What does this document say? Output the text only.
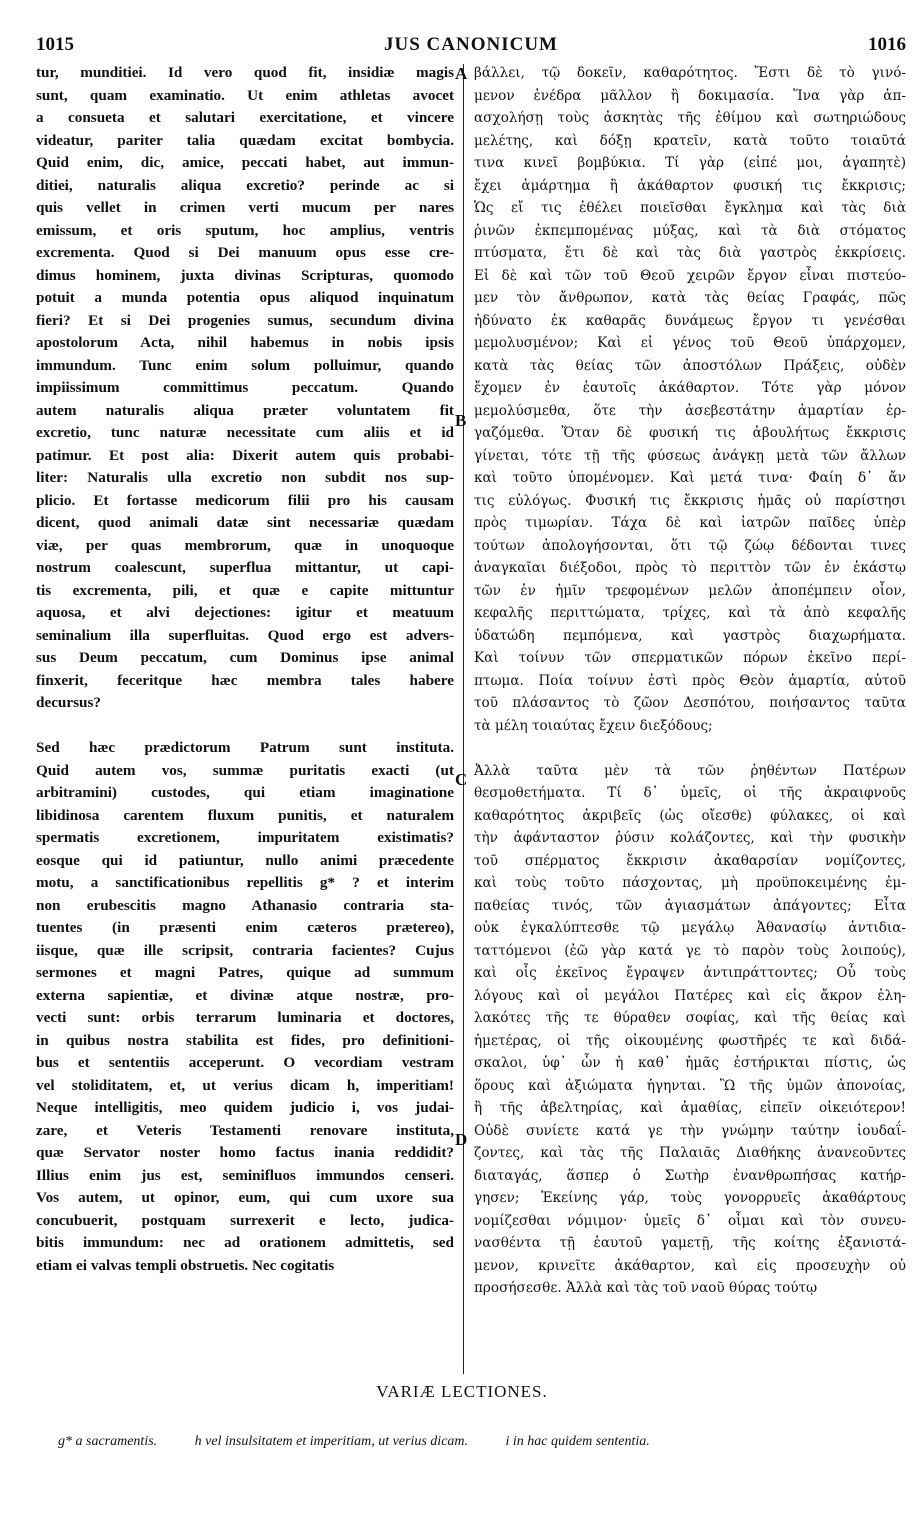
1015	JUS CANONICUM	1016
tur, munditiei. Id vero quod fit, insidiæ magis
sunt, quam examinatio. Ut enim athletas avocet
a consueta et salutari exercitatione, et vincere
videatur, pariter talia quædam excitat bombycia.
Quid enim, dic, amice, peccati habet, aut immun-
ditiei, naturalis aliqua excretio? perinde ac si
quis vellet in crimen verti mucum per nares
emissum, et oris sputum, hoc amplius, ventris
excrementa. Quod si Dei manuum opus esse cre-
dimus hominem, juxta divinas Scripturas, quomodo
potuit a munda potentia opus aliquod inquinatum
fieri? Et si Dei progenies sumus, secundum divina
apostolorum Acta, nihil habemus in nobis ipsis
immundum. Tunc enim solum polluimur, quando
impiissimum committimus peccatum. Quando
autem naturalis aliqua præter voluntatem fit
excretio, tunc naturæ necessitate cum aliis et id
patimur. Et post alia: Dixerit autem quis probabi-
liter: Naturalis ulla excretio non subdit nos sup-
plicio. Et fortasse medicorum filii pro his causam
dicent, quod animali datæ sint necessariæ quædam
viæ, per quas membrorum, quæ in unoquoque
nostrum coalescunt, superflua mittantur, ut capi-
tis excrementa, pili, et quæ e capite mittuntur
aquosa, et alvi dejectiones: igitur et meatuum
seminalium illa superfluitas. Quod ergo est advers-
sus Deum peccatum, cum Dominus ipse animal
finxerit, feceritque hæc membra tales habere
decursus?
Sed hæc prædictorum Patrum sunt instituta.
Quid autem vos, summæ puritatis exacti (ut
arbitramini) custodes, qui etiam imaginatione
libidinosa carentem fluxum punitis, et naturalem
spermatis excretionem, impuritatem existimatis?
eosque qui id patiuntur, nullo animi præcedente
motu, a sanctificationibus repellitis g* ? et interim
non erubescitis magno Athanasio contraria sta-
tuentes (in præsenti enim cæteros prætereo),
iisque, quæ ille scripsit, contraria facientes? Cujus
sermones et magni Patres, quique ad summum
externa sapientiæ, et divinæ atque nostræ, pro-
vecti sunt: orbis terrarum luminaria et doctores,
in quibus nostra stabilita est fides, pro definitioni-
bus et sententiis acceperunt. O vecordiam vestram
vel stoliditatem, et, ut verius dicam h, imperitiam!
Neque intelligitis, meo quidem judicio i, vos judai-
zare, et Veteris Testamenti renovare instituta,
quæ Servator noster homo factus inania reddidit?
Illius enim jus est, seminifluos immundos censeri.
Vos autem, ut opinor, eum, qui cum uxore sua
concubuerit, postquam surrexerit e lecto, judica-
bitis immundum: nec ad orationem admittetis, sed
etiam ei valvas templi obstruetis. Nec cogitatis
βάλλει, τῷ δοκεῖν, καθαρότητος. Ἔστι δὲ τὸ γινό-
μενον ἐνέδρα μᾶλλον ἢ δοκιμασία. Ἵνα γὰρ ἀπ-
ασχολήσῃ τοὺς ἀσκητὰς τῆς ἐθίμου καὶ σωτηριώδους
μελέτης, καὶ δόξῃ κρατεῖν, κατὰ τοῦτο τοιαῦτά
τινα κινεῖ βομβύκια. Τί γὰρ (εἰπέ μοι, ἀγαπητὲ)
ἔχει ἁμάρτημα ἢ ἀκάθαρτον φυσική τις ἔκκρισις;
Ὡς εἴ τις ἐθέλει ποιεῖσθαι ἔγκλημα καὶ τὰς διὰ
ῥινῶν ἐκπεμπομένας μύξας, καὶ τὰ διὰ στόματος
πτύσματα, ἔτι δὲ καὶ τὰς διὰ γαστρὸς ἐκκρίσεις.
Εἰ δὲ καὶ τῶν τοῦ Θεοῦ χειρῶν ἔργον εἶναι πιστεύο-
μεν τὸν ἄνθρωπον, κατὰ τὰς θείας Γραφάς, πῶς
ἠδύνατο ἐκ καθαρᾶς δυνάμεως ἔργον τι γενέσθαι
μεμολυσμένον; Καὶ εἰ γένος τοῦ Θεοῦ ὑπάρχομεν,
κατὰ τὰς θείας τῶν ἀποστόλων Πράξεις, οὐδὲν
ἔχομεν ἐν ἑαυτοῖς ἀκάθαρτον. Τότε γὰρ μόνον
μεμολύσμεθα, ὅτε τὴν ἀσεβεστάτην ἁμαρτίαν ἐρ-
γαζόμεθα. Ὅταν δὲ φυσική τις ἀβουλήτως ἔκκρισις
γίνεται, τότε τῇ τῆς φύσεως ἀνάγκῃ μετὰ τῶν ἄλλων
καὶ τοῦτο ὑπομένομεν. Καὶ μετά τινα· Φαίη δ᾽ ἄν
τις εὐλόγως. Φυσική τις ἔκκρισις ἡμᾶς οὐ παρίστησι
πρὸς τιμωρίαν. Τάχα δὲ καὶ ἰατρῶν παῖδες ὑπὲρ
τούτων ἀπολογήσονται, ὅτι τῷ ζώῳ δέδονται τινες
ἀναγκαῖαι διέξοδοι, πρὸς τὸ περιττὸν τῶν ἐν ἑκάστῳ
τῶν ἐν ἡμῖν τρεφομένων μελῶν ἀποπέμπειν οἷον,
κεφαλῆς περιττώματα, τρίχες, καὶ τὰ ἀπὸ κεφαλῆς
ὑδατώδη πεμπόμενα, καὶ γαστρὸς διαχωρήματα.
Καὶ τοίνυν τῶν σπερματικῶν πόρων ἐκεῖνο περί-
πτωμα. Ποία τοίνυν ἐστὶ πρὸς Θεὸν ἁμαρτία, αὐτοῦ
τοῦ πλάσαντος τὸ ζῶον Δεσπότου, ποιήσαντος ταῦτα
τὰ μέλη τοιαύτας ἔχειν διεξόδους;
Ἀλλὰ ταῦτα μὲν τὰ τῶν ῥηθέντων Πατέρων
θεσμοθετήματα. Τί δ᾽ ὑμεῖς, οἱ τῆς ἀκραιφνοῦς
καθαρότητος ἀκριβεῖς (ὡς οἴεσθε) φύλακες, οἱ καὶ
τὴν ἀφάνταστον ῥύσιν κολάζοντες, καὶ τὴν φυσικὴν
τοῦ σπέρματος ἔκκρισιν ἀκαθαρσίαν νομίζοντες,
καὶ τοὺς τοῦτο πάσχοντας, μὴ προϋποκειμένης ἐμ-
παθείας τινός, τῶν ἁγιασμάτων ἀπάγοντες; Εἶτα
οὐκ ἐγκαλύπτεσθε τῷ μεγάλῳ Ἀθανασίῳ ἀντιδια-
ταττόμενοι (ἐῶ γὰρ κατά γε τὸ παρὸν τοὺς λοιπούς),
καὶ οἷς ἐκεῖνος ἔγραψεν ἀντιπράττοντες; Οὗ τοὺς
λόγους καὶ οἱ μεγάλοι Πατέρες καὶ εἰς ἄκρον ἐλη-
λακότες τῆς τε θύραθεν σοφίας, καὶ τῆς θείας καὶ
ἡμετέρας, οἱ τῆς οἰκουμένης φωστῆρές τε καὶ διδά-
σκαλοι, ὑφ᾽ ὧν ἡ καθ᾽ ἡμᾶς ἐστήρικται πίστις, ὡς
ὅρους καὶ ἀξιώματα ἡγηνται. Ὢ τῆς ὑμῶν ἀπονοίας,
ἢ τῆς ἀβελτηρίας, καὶ ἀμαθίας, εἰπεῖν οἰκειότερον!
Οὐδὲ συνίετε κατά γε τὴν γνώμην ταύτην ἰουδαΐ-
ζοντες, καὶ τὰς τῆς Παλαιᾶς Διαθήκης ἀνανεοῦντες
διαταγάς, ἅσπερ ὁ Σωτὴρ ἐνανθρωπήσας κατήρ-
γησεν; Ἐκείνης γάρ, τοὺς γονορρυεῖς ἀκαθάρτους
νομίζεσθαι νόμιμον· ὑμεῖς δ᾽ οἶμαι καὶ τὸν συνευ-
νασθέντα τῇ ἑαυτοῦ γαμετῇ, τῆς κοίτης ἐξανιστά-
μενον, κρινεῖτε ἀκάθαρτον, καὶ εἰς προσευχὴν οὐ
προσήσεσθε. Ἀλλὰ καὶ τὰς τοῦ ναοῦ θύρας τούτῳ
A
B
C
D
VARIÆ LECTIONES.
g* a sacramentis.	h vel insulsitatem et imperitiam, ut verius dicam.	i in hac quidem sententia.
